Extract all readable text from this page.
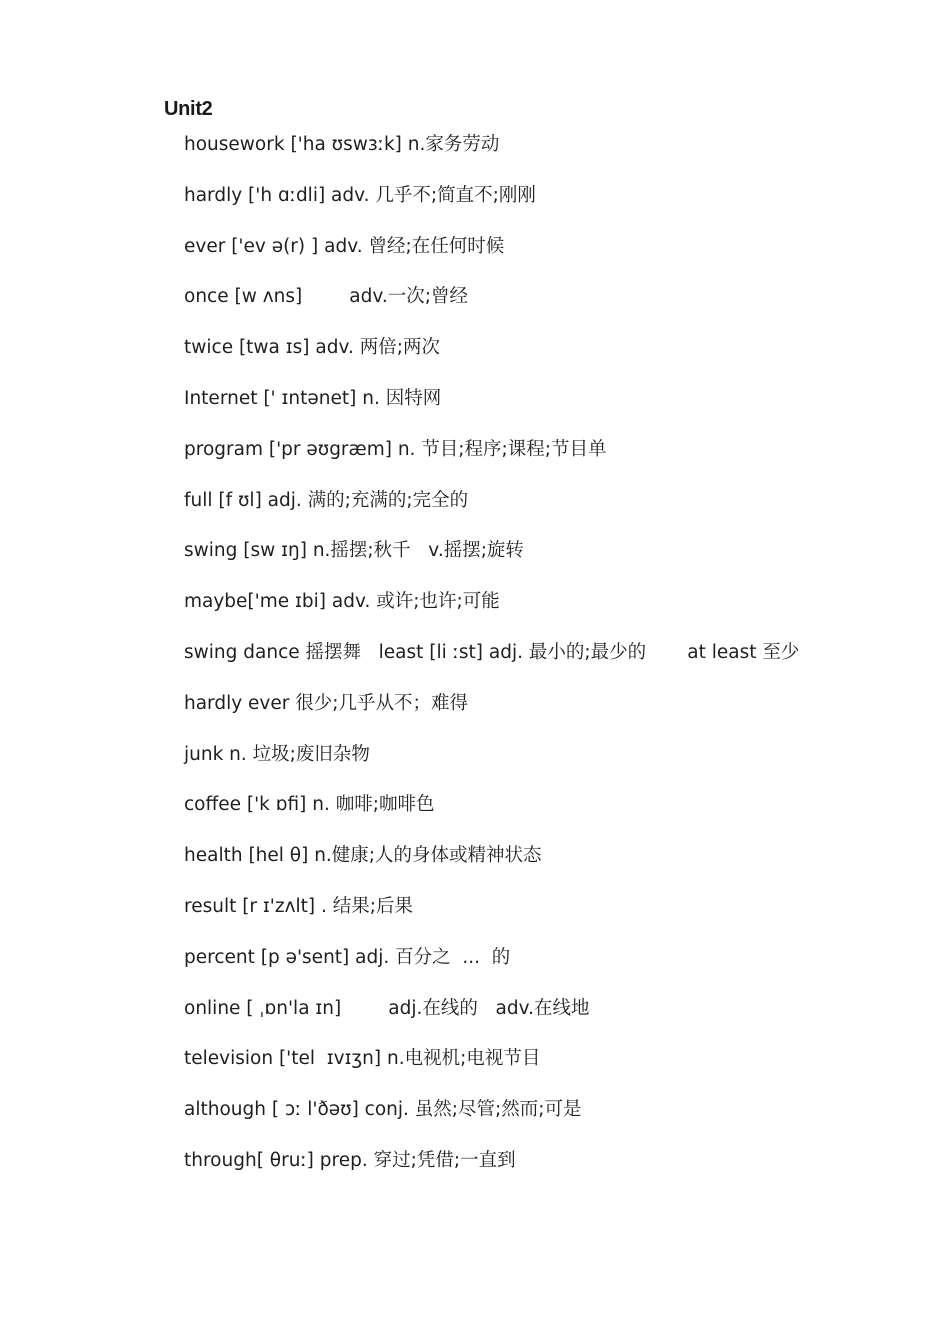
Unit2
housework ['ha ʊswɜːk] n.家务劳动
hardly ['h ɑːdli] adv. 几乎不;简直不;刚刚
ever ['ev ə(r) ] adv. 曾经;在任何时候
once [w ʌns]        adv.一次;曾经
twice [twa ɪs] adv. 两倍;两次
Internet [' ɪntənet] n. 因特网
program ['pr əʊgræm] n. 节目;程序;课程;节目单
full [f ʊl] adj. 满的;充满的;完全的
swing [sw ɪŋ] n.摇摆;秋千   v.摇摆;旋转
maybe['me ɪbi] adv. 或许;也许;可能
swing dance 摇摆舞   least [li ːst] adj. 最小的;最少的       at least 至少
hardly ever 很少;几乎从不；难得
junk n. 垃圾;废旧杂物
coffee ['k ɒfi] n. 咖啡;咖啡色
health [hel θ] n.健康;人的身体或精神状态
result [r ɪ'zʌlt] . 结果;后果
percent [p ə'sent] adj. 百分之  ...  的
online [ ˌɒn'la ɪn]        adj.在线的   adv.在线地
television ['tel  ɪvɪʒn] n.电视机;电视节目
although [ ɔː l'ðəʊ] conj. 虽然;尽管;然而;可是
through[ θruː] prep. 穿过;凭借;一直到
